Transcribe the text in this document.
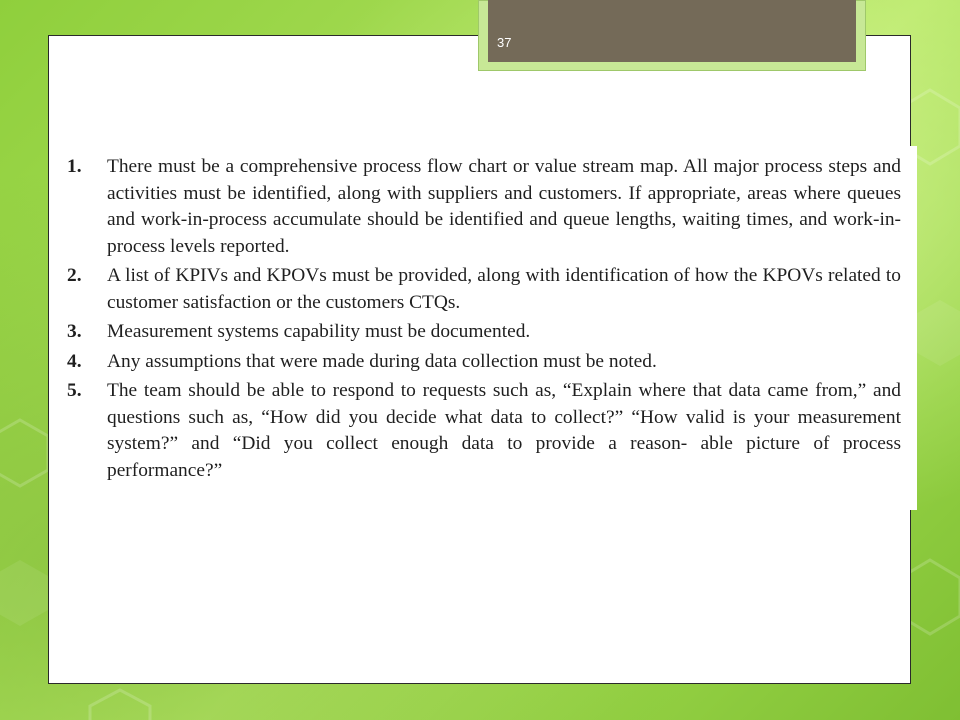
37
1.	There must be a comprehensive process flow chart or value stream map. All major process steps and activities must be identified, along with suppliers and customers. If appropriate, areas where queues and work-in-process accumulate should be identified and queue lengths, waiting times, and work-in-process levels reported.
2.	A list of KPIVs and KPOVs must be provided, along with identification of how the KPOVs related to customer satisfaction or the customers CTQs.
3.	Measurement systems capability must be documented.
4.	Any assumptions that were made during data collection must be noted.
5.	The team should be able to respond to requests such as, “Explain where that data came from,” and questions such as, “How did you decide what data to collect?” “How valid is your measurement system?” and “Did you collect enough data to provide a reason- able picture of process performance?”
